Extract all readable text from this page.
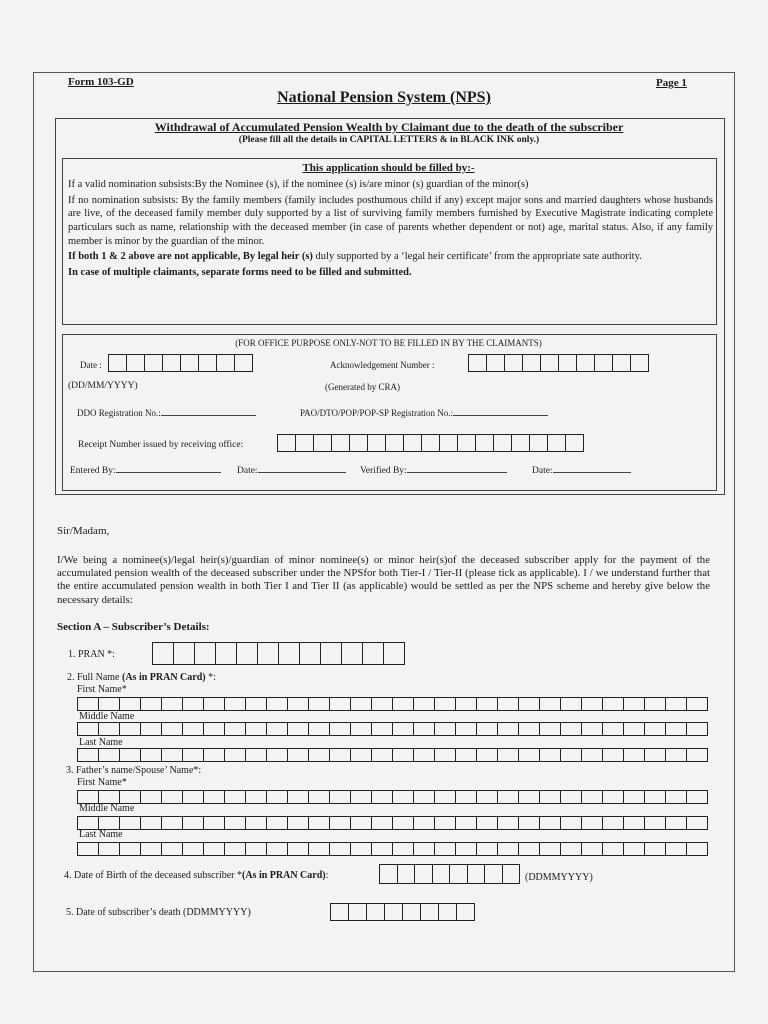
Form 103-GD	Page 1
National Pension System (NPS)
Withdrawal of Accumulated Pension Wealth by Claimant due to the death of the subscriber
(Please fill all the details in CAPITAL LETTERS & in BLACK INK only.)
This application should be filled by:-
If a valid nomination subsists:By the Nominee (s), if the nominee (s) is/are minor (s) guardian of the minor(s)
If no nomination subsists: By the family members (family includes posthumous child if any) except major sons and married daughters whose husbands are live, of the deceased family member duly supported by a list of surviving family members furnished by Executive Magistrate indicating complete particulars such as name, relationship with the deceased member (in case of parents whether dependent or not) age, marital status. Also, if any family member is minor by the guardian of the minor.
If both 1 & 2 above are not applicable, By legal heir (s) duly supported by a ‘legal heir certificate’ from the appropriate sate authority.
In case of multiple claimants, separate forms need to be filled and submitted.
(FOR OFFICE PURPOSE ONLY-NOT TO BE FILLED IN BY THE CLAIMANTS)
Date :
(DD/MM/YYYY)
Acknowledgement Number :
(Generated by CRA)
DDO Registration No.:	PAO/DTO/POP/POP-SP Registration No.:
Receipt Number issued by receiving office:
Entered By:	Date:	Verified By:	Date:
Sir/Madam,
I/We being a nominee(s)/legal heir(s)/guardian of minor nominee(s) or minor heir(s)of the deceased subscriber apply for the payment of the accumulated pension wealth of the deceased subscriber under the NPSfor both Tier-I / Tier-II (please tick as applicable). I / we understand further that the entire accumulated pension wealth in both Tier I and Tier II (as applicable) would be settled as per the NPS scheme and hereby give below the necessary details:
Section A – Subscriber’s Details:
1. PRAN *:
2. Full Name (As in PRAN Card) *:
First Name*
Middle Name
Last Name
3. Father’s name/Spouse’ Name*:
First Name*
Middle Name
Last Name
4. Date of Birth of the deceased subscriber *(As in PRAN Card):	(DDMMYYYY)
5. Date of subscriber’s death (DDMMYYYY)
